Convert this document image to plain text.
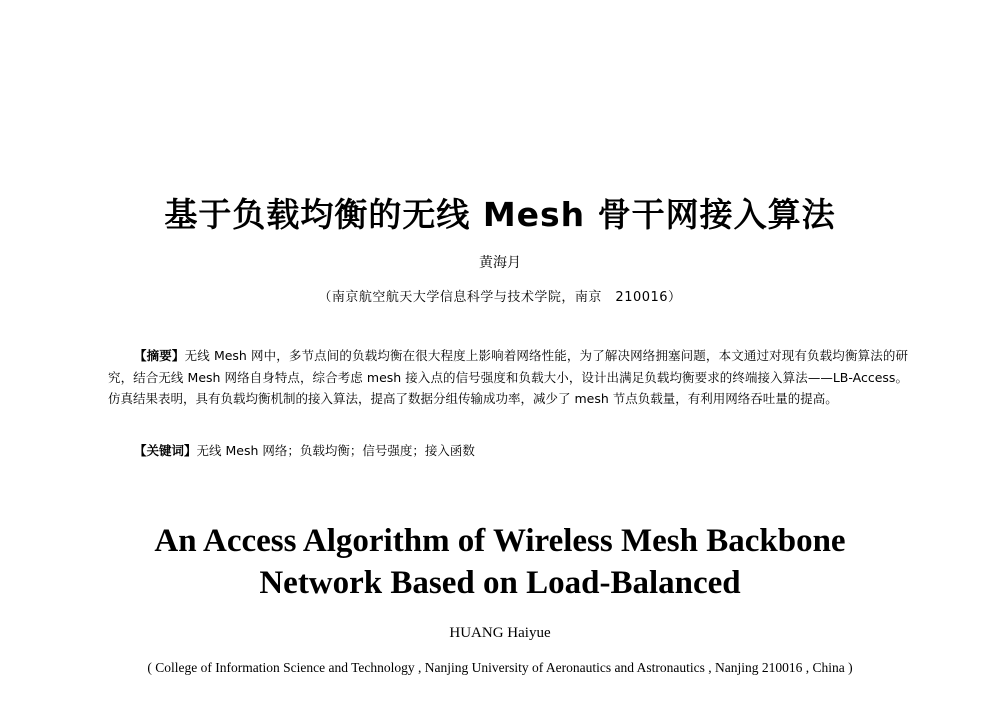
基于负载均衡的无线 Mesh 骨干网接入算法
黄海月
（南京航空航天大学信息科学与技术学院，南京　210016）

【摘要】无线 Mesh 网中，多节点间的负载均衡在很大程度上影响着网络性能，为了解决网络拥塞问题，本文通过对现有负载均衡算法的研究，结合无线 Mesh 网络自身特点，综合考虑 mesh 接入点的信号强度和负载大小，设计出满足负载均衡要求的终端接入算法——LB-Access。仿真结果表明，具有负载均衡机制的接入算法，提高了数据分组传输成功率，减少了 mesh 节点负载量，有利用网络吞吐量的提高。

【关键词】无线 Mesh 网络；负载均衡；信号强度；接入函数

An Access Algorithm of Wireless Mesh Backbone
Network Based on Load-Balanced
HUANG Haiyue
( College of Information Science and Technology , Nanjing University of Aeronautics and Astronautics , Nanjing 210016 , China )
